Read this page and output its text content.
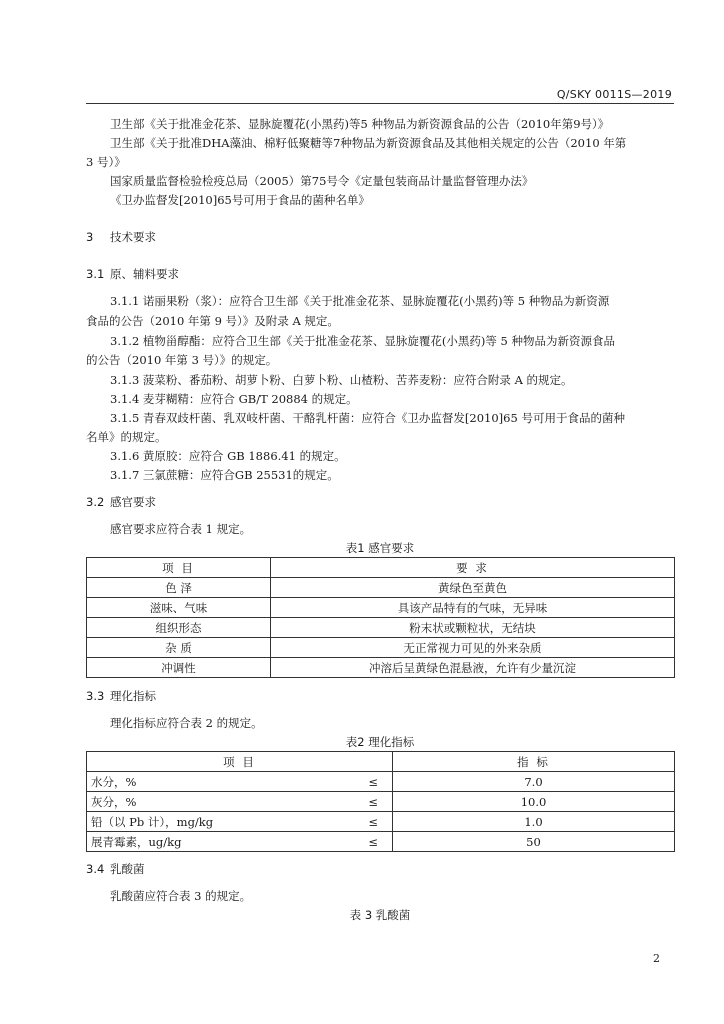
Q/SKY 0011S—2019
卫生部《关于批准金花茶、显脉旋覆花(小黑药)等5 种物品为新资源食品的公告（2010年第9号）》
卫生部《关于批准DHA藻油、棉籽低聚糖等7种物品为新资源食品及其他相关规定的公告（2010 年第
3 号）》
国家质量监督检验检疫总局（2005）第75号令《定量包装商品计量监督管理办法》
《卫办监督发[2010]65号可用于食品的菌种名单》
3 技术要求
3.1 原、辅料要求
3.1.1 诺丽果粉（浆）：应符合卫生部《关于批准金花茶、显脉旋覆花(小黑药)等 5 种物品为新资源
食品的公告（2010 年第 9 号）》及附录 A 规定。
3.1.2 植物甾醇酯：应符合卫生部《关于批准金花茶、显脉旋覆花(小黑药)等 5 种物品为新资源食品
的公告（2010 年第 3 号）》的规定。
3.1.3 菠菜粉、番茄粉、胡萝卜粉、白萝卜粉、山楂粉、苦荞麦粉：应符合附录 A 的规定。
3.1.4 麦芽糊精：应符合 GB/T 20884 的规定。
3.1.5 青春双歧杆菌、乳双岐杆菌、干酪乳杆菌：应符合《卫办监督发[2010]65 号可用于食品的菌种
名单》的规定。
3.1.6 黄原胶：应符合 GB 1886.41 的规定。
3.1.7 三氯蔗糖：应符合GB 25531的规定。
3.2 感官要求
感官要求应符合表 1 规定。
表1 感官要求
项 目	要 求
色 泽	黄绿色至黄色
滋味、气味	具该产品特有的气味，无异味
组织形态	粉末状或颗粒状，无结块
杂 质	无正常视力可见的外来杂质
冲调性	冲溶后呈黄绿色混悬液，允许有少量沉淀
3.3 理化指标
理化指标应符合表 2 的规定。
表2 理化指标
项 目		指 标
水分，%	≤	7.0
灰分，%	≤	10.0
铅（以 Pb 计），mg/kg	≤	1.0
展青霉素，ug/kg	≤	50
3.4 乳酸菌
乳酸菌应符合表 3 的规定。
表 3 乳酸菌
2
